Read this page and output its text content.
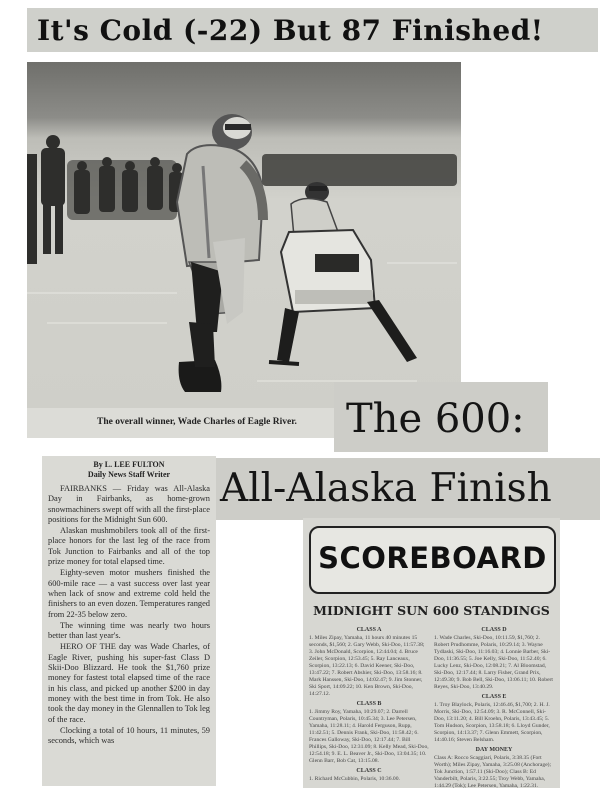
It's Cold (-22) But 87 Finished!
The overall winner, Wade Charles of Eagle River. The 600:
All-Alaska Finish
By L. LEE FULTON
Daily News Staff Writer

FAIRBANKS — Friday was All-Alaska Day in Fairbanks, as home-grown snowmachiners swept off with all the first-place positions for the Midnight Sun 600.

Alaskan mushmobilers took all of the first-place honors for the last leg of the race from Tok Junction to Fairbanks and all of the top prize money for total elapsed time.

Eighty-seven motor mushers finished the 600-mile race — a vast success over last year when lack of snow and extreme cold held the finishers to an even dozen. Temperatures ranged from 22-35 below zero.

The winning time was nearly two hours better than last year's.

HERO OF THE day was Wade Charles, of Eagle River, pushing his super-fast Class D Skii-Doo Blizzard. He took the $1,760 prize money for fastest total elapsed time of the race in his class, and picked up another $200 in day money with the best time in from Tok. He also took the day money in the Glennallen to Tok leg of the race.

Clocking a total of 10 hours, 11 minutes, 59 seconds, which was

SCOREBOARD
MIDNIGHT SUN 600 STANDINGS
CLASS A

1. Miles Zipay, Yamaha, 11 hours 40 minutes 15 seconds, $1,560; 2. Gary Webb, Ski-Doo, 11:57.38; 3. John McDonald, Scorpion, 12:44.04; 4. Bruce Zeiler, Scorpion, 12:53.45; 5. Ray Lanceaux, Scorpion, 13:22.13; 6. David Keener, Ski-Doo, 13:47.22; 7. Robert Abshier, Ski-Doo, 13:58.16; 8. Mark Hanssen, Ski-Doo, 14:02.47; 9. Jim Stonner, Ski Sport, 14:09.22; 10. Ken Brown, Ski-Doo, 14:27.12.

CLASS B

1. Jimmy Roy, Yamaha, 10:29.07; 2. Darrell Countryman, Polaris, 10:45.34; 3. Lee Petersen, Yamaha, 11:28.11; 4. Harold Ferguson, Rupp, 11:42.51; 5. Dennis Frank, Ski-Doo, 11:58.42; 6. Frances Galloway, Ski-Doo, 12:17.44; 7. Bill Phillips, Ski-Doo, 12:31.09; 8. Kelly Mead, Ski-Doo, 12:54.18; 9. E. L. Beaver Jr., Ski-Doo, 13:04.35; 10. Glenn Barr, Bob Cat, 13:15.08.

CLASS C

1. Richard McCubbin, Polaris, 10:36.00.

CLASS D

1. Wade Charles, Ski-Doo, 10:11.59, $1,760; 2. Robert Prudhomme, Polaris, 10:29.14; 3. Wayne Tydlaski, Ski-Doo, 11:16.03; 4. Lonnie Barber, Ski-Doo, 11:36.55; 5. Joe Kelly, Ski-Doo, 11:52.40; 6. Lucky Lenz, Ski-Doo, 12:08.21; 7. Al Bloomstad, Ski-Doo, 12:17.44; 8. Larry Fisher, Grand Prix, 12:49.30; 9. Bob Bell, Ski-Doo, 13:06.11; 10. Robert Reyes, Ski-Doo, 13:40.29.

CLASS E

1. Troy Blaylock, Polaris, 12:46.46, $1,700; 2. H. J. Morris, Ski-Doo, 12:54.09; 3. R. McConnell, Ski-Doo, 13:11.20; 4. Bill Kroehn, Polaris, 13:43.45; 5. Tom Hudson, Scorpion, 13:58.18; 6. Lloyd Gunder, Scorpion, 14:13.37; 7. Glenn Emmett, Scorpion, 14:40.16; Steven Belsham.

DAY MONEY

Class A: Rocco Scaggiari, Polaris, 3:38.35 (Fort Worth); Miles Zipay, Yamaha, 3:25.08 (Anchorage); Tok Junction, 1:57.11 (Ski-Doo); Class B: Ed Vanderbilt, Polaris, 3:22.55; Troy Webb, Yamaha, 1:44.29 (Tok); Lee Petersen, Yamaha, 1:22.31.
